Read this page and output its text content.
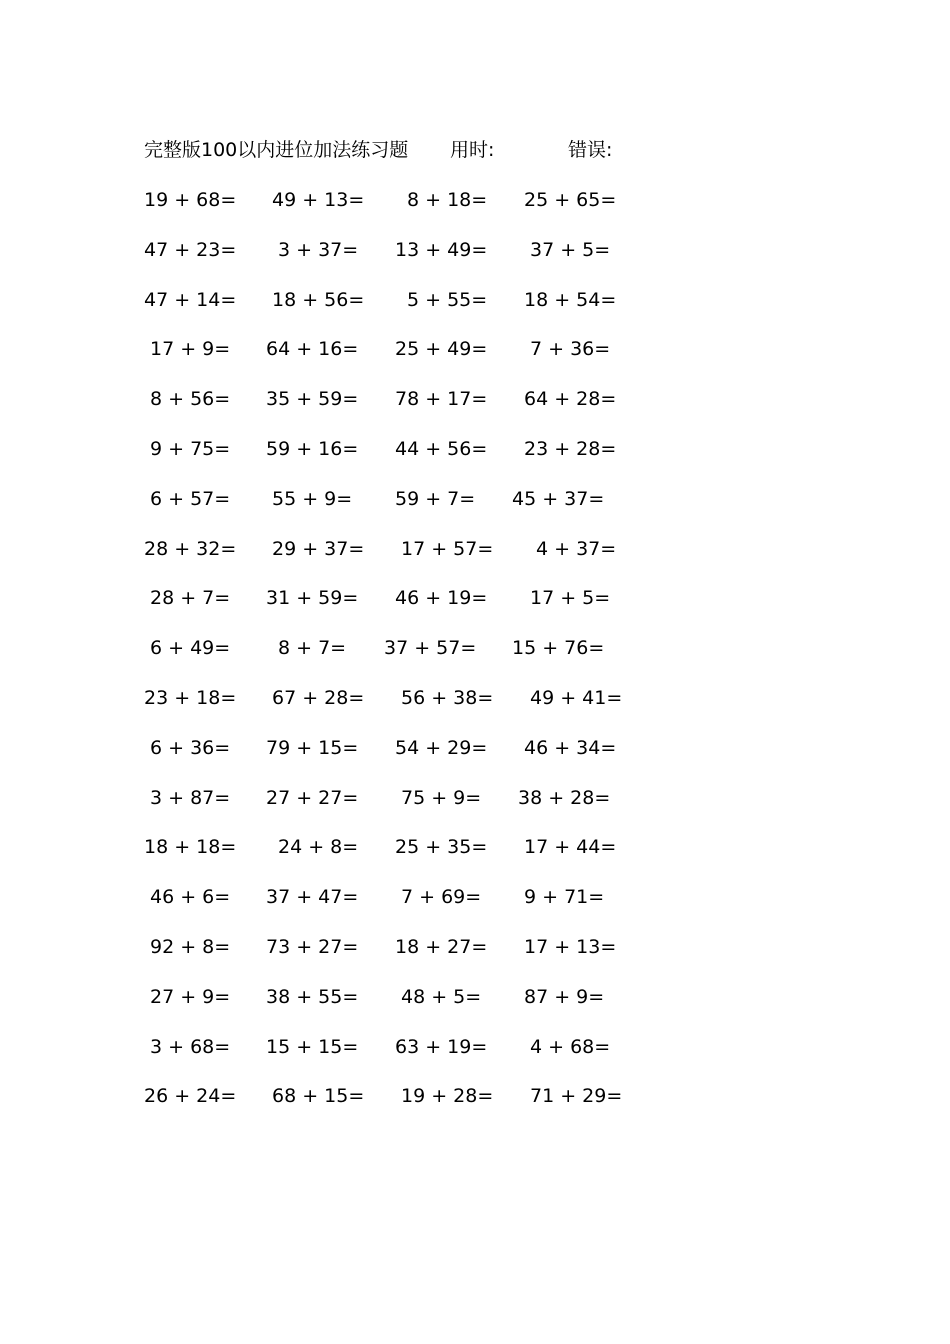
完整版100以内进位加法练习题 用时:	错误:
19 + 68= 49 + 13= 8 + 18= 25 + 65=
47 + 23= 3 + 37= 13 + 49= 37 + 5=
47 + 14= 18 + 56= 5 + 55= 18 + 54=
17 + 9= 64 + 16= 25 + 49= 7 + 36=
8 + 56= 35 + 59= 78 + 17= 64 + 28=
9 + 75= 59 + 16= 44 + 56= 23 + 28=
6 + 57= 55 + 9= 59 + 7= 45 + 37=
28 + 32= 29 + 37= 17 + 57= 4 + 37=
28 + 7= 31 + 59= 46 + 19= 17 + 5=
6 + 49=	8 + 7= 37 + 57= 15 + 76=
23 + 18= 67 + 28= 56 + 38= 49 + 41=
6 + 36= 79 + 15= 54 + 29= 46 + 34=
3 + 87= 27 + 27= 75 + 9= 38 + 28=
18 + 18= 24 + 8= 25 + 35= 17 + 44=
46 + 6= 37 + 47= 7 + 69= 9 + 71=
92 + 8= 73 + 27= 18 + 27= 17 + 13=
27 + 9= 38 + 55= 48 + 5= 87 + 9=
3 + 68= 15 + 15= 63 + 19= 4 + 68=
26 + 24= 68 + 15= 19 + 28= 71 + 29=
